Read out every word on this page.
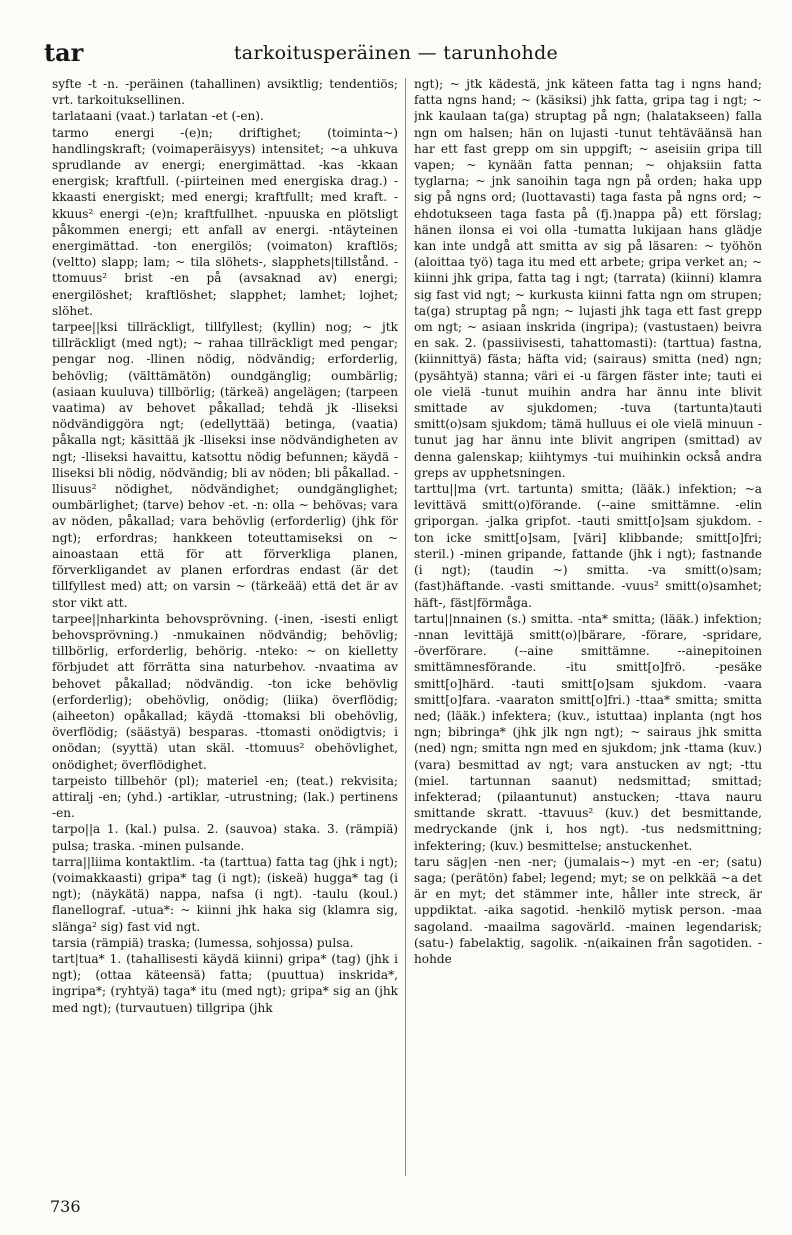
tar	tarkoitusperäinen — tarunhohde

syfte -t -n. -peräinen (tahallinen) avsiktlig; tendentiös; vrt. tarkoituksellinen.

tarlataani (vaat.) tarlatan -et (-en).

tarmo energi -(e)n; driftighet; (toiminta~) handlingskraft; (voimaperäisyys) intensitet; ~a uhkuva sprudlande av energi; energimättad. -kas -kkaan energisk; kraftfull. (-piirteinen med energiska drag.) -kkaasti energiskt; med energi; kraftfullt; med kraft. -kkuus² energi -(e)n; kraftfullhet. -npuuska en plötsligt påkommen energi; ett anfall av energi. -ntäyteinen energimättad. -ton energilös; (voimaton) kraftlös; (veltto) slapp; lam; ~ tila slöhets-, slapphets|tillstånd. -ttomuus² brist -en på (avsaknad av) energi; energilöshet; kraftlöshet; slapphet; lamhet; lojhet; slöhet.

tarpee||ksi tillräckligt, tillfyllest; (kyllin) nog; ~ jtk tillräckligt (med ngt); ~ rahaa tillräckligt med pengar; pengar nog. -llinen nödig, nödvändig; erforderlig, behövlig; (välttämätön) oundgänglig; oumbärlig; (asiaan kuuluva) tillbörlig; (tärkeä) angelägen; (tarpeen vaatima) av behovet påkallad; tehdä jk -lliseksi nödvändiggöra ngt; (edellyttää) betinga, (vaatia) påkalla ngt; käsittää jk -lliseksi inse nödvändigheten av ngt; -lliseksi havaittu, katsottu nödig befunnen; käydä -lliseksi bli nödig, nödvändig; bli av nöden; bli påkallad. -llisuus² nödighet, nödvändighet; oundgänglighet; oumbärlighet; (tarve) behov -et. -n: olla ~ behövas; vara av nöden, påkallad; vara behövlig (erforderlig) (jhk för ngt); erfordras; hankkeen toteuttamiseksi on ~ ainoastaan että för att förverkliga planen, förverkligandet av planen erfordras endast (är det tillfyllest med) att; on varsin ~ (tärkeää) että det är av stor vikt att.

tarpee||nharkinta behovsprövning. (-inen, -isesti enligt behovsprövning.) -nmukainen nödvändig; behövlig; tillbörlig, erforderlig, behörig. -nteko: ~ on kielletty förbjudet att förrätta sina naturbehov. -nvaatima av behovet påkallad; nödvändig. -ton icke behövlig (erforderlig); obehövlig, onödig; (liika) överflödig; (aiheeton) opåkallad; käydä -ttomaksi bli obehövlig, överflödig; (säästyä) besparas. -ttomasti onödigtvis; i onödan; (syyttä) utan skäl. -ttomuus² obehövlighet, onödighet; överflödighet.

tarpeisto tillbehör (pl); materiel -en; (teat.) rekvisita; attiralj -en; (yhd.) -artiklar, -utrustning; (lak.) pertinens -en.

tarpo||a 1. (kal.) pulsa. 2. (sauvoa) staka. 3. (rämpiä) pulsa; traska. -minen pulsande.

tarra||liima kontaktlim. -ta (tarttua) fatta tag (jhk i ngt); (voimakkaasti) gripa* tag (i ngt); (iskeä) hugga* tag (i ngt); (näykätä) nappa, nafsa (i ngt). -taulu (koul.) flanellograf. -utua*: ~ kiinni jhk haka sig (klamra sig, slänga² sig) fast vid ngt.

tarsia (rämpiä) traska; (lumessa, sohjossa) pulsa.

tart|tua* 1. (tahallisesti käydä kiinni) gripa* (tag) (jhk i ngt); (ottaa käteensä) fatta; (puuttua) inskrida*, ingripa*; (ryhtyä) taga* itu (med ngt); gripa* sig an (jhk med ngt); (turvautuen) tillgripa (jhk

ngt); ~ jtk kädestä, jnk käteen fatta tag i ngns hand; fatta ngns hand; ~ (käsiksi) jhk fatta, gripa tag i ngt; ~ jnk kaulaan ta(ga) struptag på ngn; (halatakseen) falla ngn om halsen; hän on lujasti -tunut tehtäväänsä han har ett fast grepp om sin uppgift; ~ aseisiin gripa till vapen; ~ kynään fatta pennan; ~ ohjaksiin fatta tyglarna; ~ jnk sanoihin taga ngn på orden; haka upp sig på ngns ord; (luottavasti) taga fasta på ngns ord; ~ ehdotukseen taga fasta på (fj.)nappa på) ett förslag; hänen ilonsa ei voi olla -tumatta lukijaan hans glädje kan inte undgå att smitta av sig på läsaren: ~ työhön (aloittaa työ) taga itu med ett arbete; gripa verket an; ~ kiinni jhk gripa, fatta tag i ngt; (tarrata) (kiinni) klamra sig fast vid ngt; ~ kurkusta kiinni fatta ngn om strupen; ta(ga) struptag på ngn; ~ lujasti jhk taga ett fast grepp om ngt; ~ asiaan inskrida (ingripa); (vastustaen) beivra en sak. 2. (passiivisesti, tahattomasti): (tarttua) fastna, (kiinnittyä) fästa; häfta vid; (sairaus) smitta (ned) ngn; (pysähtyä) stanna; väri ei -u färgen fäster inte; tauti ei ole vielä -tunut muihin andra har ännu inte blivit smittade av sjukdomen; -tuva (tartunta)tauti smitt(o)sam sjukdom; tämä hulluus ei ole vielä minuun -tunut jag har ännu inte blivit angripen (smittad) av denna galenskap; kiihtymys -tui muihinkin också andra greps av upphetsningen.

tarttu||ma (vrt. tartunta) smitta; (lääk.) infektion; ~a levittävä smitt(o)förande. (--aine smittämne. -elin griporgan. -jalka gripfot. -tauti smitt[o]sam sjukdom. -ton icke smitt[o]sam, [väri] klibbande; smitt[o]fri; steril.) -minen gripande, fattande (jhk i ngt); fastnande (i ngt); (taudin ~) smitta. -va smitt(o)sam; (fast)häftande. -vasti smittande. -vuus² smitt(o)samhet; häft-, fäst|förmåga.

tartu||nnainen (s.) smitta. -nta* smitta; (lääk.) infektion; -nnan levittäjä smitt(o)|bärare, -förare, -spridare, -överförare. (--aine smittämne. --ainepitoinen smittämnesförande. -itu smitt[o]frö. -pesäke smitt[o]härd. -tauti smitt[o]sam sjukdom. -vaara smitt[o]fara. -vaaraton smitt[o]fri.) -ttaa* smitta; smitta ned; (lääk.) infektera; (kuv., istuttaa) inplanta (ngt hos ngn; bibringa* (jhk jlk ngn ngt); ~ sairaus jhk smitta (ned) ngn; smitta ngn med en sjukdom; jnk -ttama (kuv.) (vara) besmittad av ngt; vara anstucken av ngt; -ttu (miel. tartunnan saanut) nedsmittad; smittad; infekterad; (pilaantunut) anstucken; -ttava nauru smittande skratt. -ttavuus² (kuv.) det besmittande, medryckande (jnk i, hos ngt). -tus nedsmittning; infektering; (kuv.) besmittelse; anstuckenhet.

taru säg|en -nen -ner; (jumalais~) myt -en -er; (satu) saga; (perätön) fabel; legend; myt; se on pelkkää ~a det är en myt; det stämmer inte, håller inte streck, är uppdiktat. -aika sagotid. -henkilö mytisk person. -maa sagoland. -maailma sagovärld. -mainen legendarisk; (satu-) fabelaktig, sagolik. -n(aikainen från sagotiden. -hohde

736
